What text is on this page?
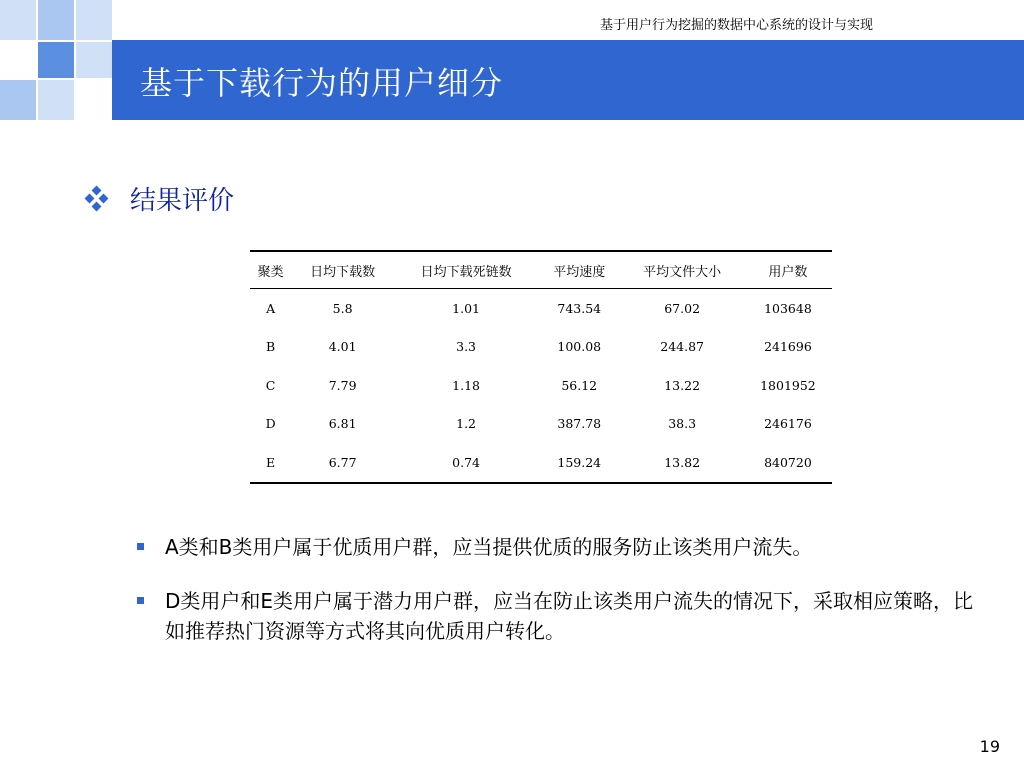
基于用户行为挖掘的数据中心系统的设计与实现
基于下载行为的用户细分
结果评价
聚类	日均下载数	日均下载死链数	平均速度	平均文件大小	用户数
A	5.8	1.01	743.54	67.02	103648
B	4.01	3.3	100.08	244.87	241696
C	7.79	1.18	56.12	13.22	1801952
D	6.81	1.2	387.78	38.3	246176
E	6.77	0.74	159.24	13.82	840720
A类和B类用户属于优质用户群，应当提供优质的服务防止该类用户流失。
D类用户和E类用户属于潜力用户群，应当在防止该类用户流失的情况下，采取相应策略，比如推荐热门资源等方式将其向优质用户转化。
19
